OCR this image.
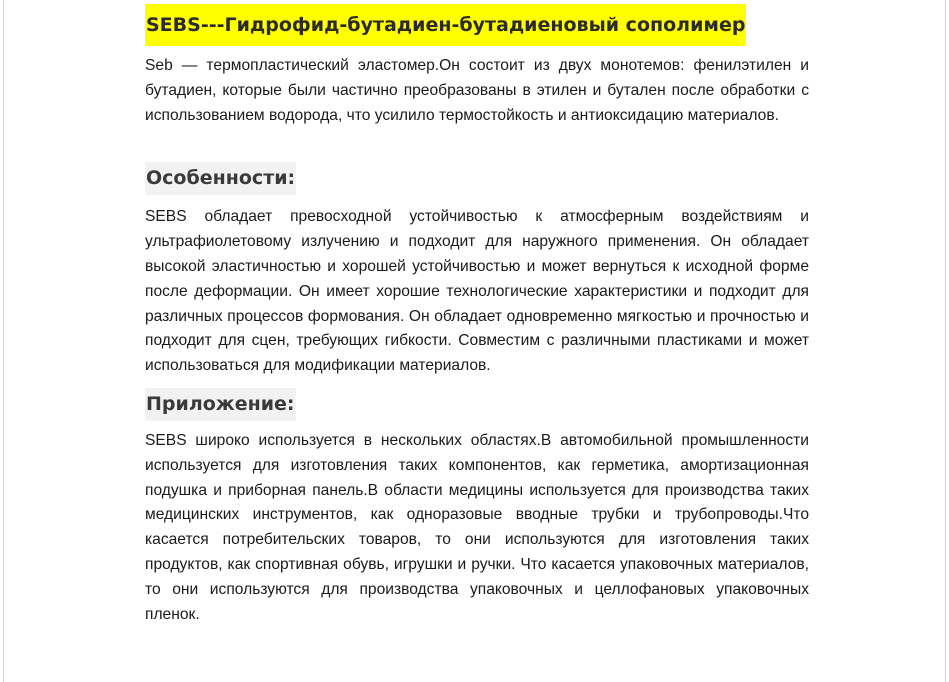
SEBS---Гидрофид-бутадиен-бутадиеновый сополимер

Seb — термопластический эластомер.Он состоит из двух монотемов: фенилэтилен и бутадиен, которые были частично преобразованы в этилен и буталeн после обработки с использованием водорода, что усилило термостойкость и антиоксидацию материалов.

Особенности:

SEBS обладает превосходной устойчивостью к атмосферным воздействиям и ультрафиолетовому излучению и подходит для наружного применения. Он обладает высокой эластичностью и хорошей устойчивостью и может вернуться к исходной форме после деформации. Он имеет хорошие технологические характеристики и подходит для различных процессов формования. Он обладает одновременно мягкостью и прочностью и подходит для сцен, требующих гибкости. Совместим с различными пластиками и может использоваться для модификации материалов.

Приложение:

SEBS широко используется в нескольких областях.В автомобильной промышленности используется для изготовления таких компонентов, как герметика, амортизационная подушка и приборная панель.В области медицины используется для производства таких медицинских инструментов, как одноразовые вводные трубки и трубопроводы.Что касается потребительских товаров, то они используются для изготовления таких продуктов, как спортивная обувь, игрушки и ручки. Что касается упаковочных материалов, то они используются для производства упаковочных и целлофановых упаковочных пленок.
